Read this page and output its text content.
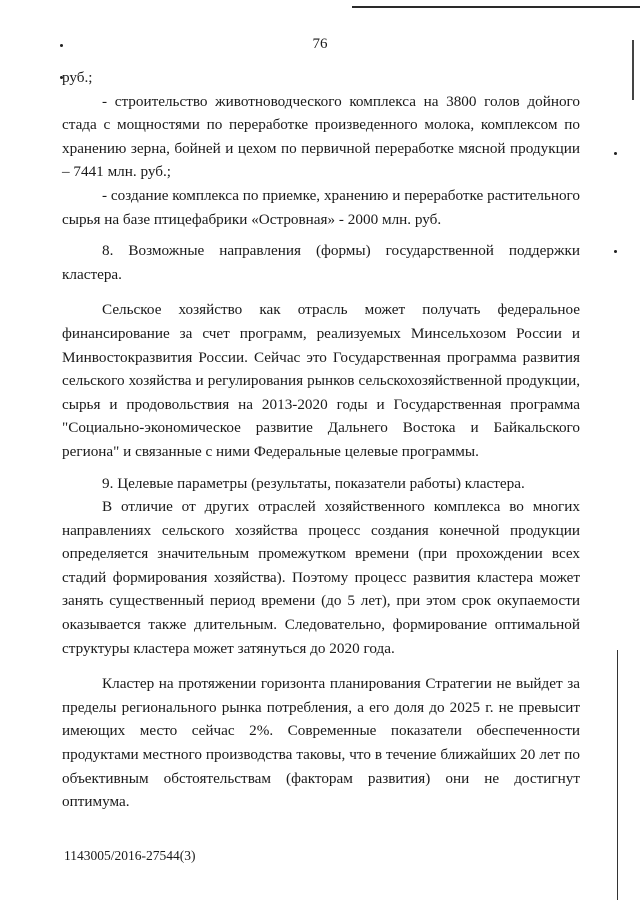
76

руб.;

- строительство животноводческого комплекса на 3800 голов дойного стада с мощностями по переработке произведенного молока, комплексом по хранению зерна, бойней и цехом по первичной переработке мясной продукции – 7441 млн. руб.;

- создание комплекса по приемке, хранению и переработке растительного сырья на базе птицефабрики «Островная» - 2000 млн. руб.

8. Возможные направления (формы) государственной поддержки кластера.

Сельское хозяйство как отрасль может получать федеральное финансирование за счет программ, реализуемых Минсельхозом России и Минвостокразвития России. Сейчас это Государственная программа развития сельского хозяйства и регулирования рынков сельскохозяйственной продукции, сырья и продовольствия на 2013-2020 годы и Государственная программа "Социально-экономическое развитие Дальнего Востока и Байкальского региона" и связанные с ними Федеральные целевые программы.

9. Целевые параметры (результаты, показатели работы) кластера.

В отличие от других отраслей хозяйственного комплекса во многих направлениях сельского хозяйства процесс создания конечной продукции определяется значительным промежутком времени (при прохождении всех стадий формирования хозяйства). Поэтому процесс развития кластера может занять существенный период времени (до 5 лет), при этом срок окупаемости оказывается также длительным. Следовательно, формирование оптимальной структуры кластера может затянуться до 2020 года.

Кластер на протяжении горизонта планирования Стратегии не выйдет за пределы регионального рынка потребления, а его доля до 2025 г. не превысит имеющих место сейчас 2%. Современные показатели обеспеченности продуктами местного производства таковы, что в течение ближайших 20 лет по объективным обстоятельствам (факторам развития) они не достигнут оптимума.

1143005/2016-27544(3)
